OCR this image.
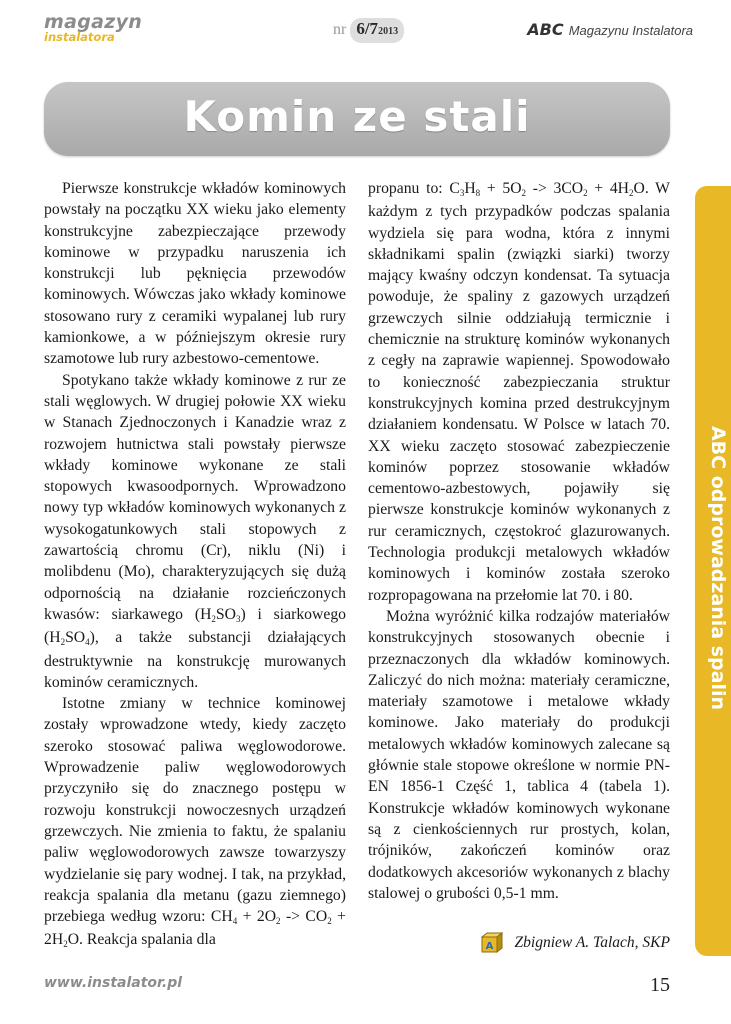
magazyn
instalatora	nr 6/72013	ABC Magazynu Instalatora
Komin ze stali

Pierwsze konstrukcje wkładów kominowych powstały na początku XX wieku jako elementy konstrukcyjne zabezpieczające przewody kominowe w przypadku naruszenia ich konstrukcji lub pęknięcia przewodów kominowych. Wówczas jako wkłady kominowe stosowano rury z ceramiki wypalanej lub rury kamionkowe, a w późniejszym okresie rury szamotowe lub rury azbestowo-cementowe.

Spotykano także wkłady kominowe z rur ze stali węglowych. W drugiej połowie XX wieku w Stanach Zjednoczonych i Kanadzie wraz z rozwojem hutnictwa stali powstały pierwsze wkłady kominowe wykonane ze stali stopowych kwasoodpornych. Wprowadzono nowy typ wkładów kominowych wykonanych z wysokogatunkowych stali stopowych z zawartością chromu (Cr), niklu (Ni) i molibdenu (Mo), charakteryzujących się dużą odpornością na działanie rozcieńczonych kwasów: siarkawego (H2SO3) i siarkowego (H2SO4), a także substancji działających destruktywnie na konstrukcję murowanych kominów ceramicznych.

Istotne zmiany w technice kominowej zostały wprowadzone wtedy, kiedy zaczęto szeroko stosować paliwa węglowodorowe. Wprowadzenie paliw węglowodorowych przyczyniło się do znacznego postępu w rozwoju konstrukcji nowoczesnych urządzeń grzewczych. Nie zmienia to faktu, że spalaniu paliw węglowodorowych zawsze towarzyszy wydzielanie się pary wodnej. I tak, na przykład, reakcja spalania dla metanu (gazu ziemnego) przebiega według wzoru: CH4 + 2O2 -> CO2 + 2H2O. Reakcja spalania dla

propanu to: C3H8 + 5O2 -> 3CO2 + 4H2O. W każdym z tych przypadków podczas spalania wydziela się para wodna, która z innymi składnikami spalin (związki siarki) tworzy mający kwaśny odczyn kondensat. Ta sytuacja powoduje, że spaliny z gazowych urządzeń grzewczych silnie oddziałują termicznie i chemicznie na strukturę kominów wykonanych z cegły na zaprawie wapiennej. Spowodowało to konieczność zabezpieczania struktur konstrukcyjnych komina przed destrukcyjnym działaniem kondensatu. W Polsce w latach 70. XX wieku zaczęto stosować zabezpieczenie kominów poprzez stosowanie wkładów cementowo-azbestowych, pojawiły się pierwsze konstrukcje kominów wykonanych z rur ceramicznych, częstokroć glazurowanych. Technologia produkcji metalowych wkładów kominowych i kominów została szeroko rozpropagowana na przełomie lat 70. i 80.

Można wyróżnić kilka rodzajów materiałów konstrukcyjnych stosowanych obecnie i przeznaczonych dla wkładów kominowych. Zaliczyć do nich można: materiały ceramiczne, materiały szamotowe i metalowe wkłady kominowe. Jako materiały do produkcji metalowych wkładów kominowych zalecane są głównie stale stopowe określone w normie PN-EN 1856-1 Część 1, tablica 4 (tabela 1). Konstrukcje wkładów kominowych wykonane są z cienkościennych rur prostych, kolan, trójników, zakończeń kominów oraz dodatkowych akcesoriów wykonanych z blachy stalowej o grubości 0,5-1 mm.

A Zbigniew A. Talach, SKP
ABC odprowadzania spalin
www.instalator.pl	15
